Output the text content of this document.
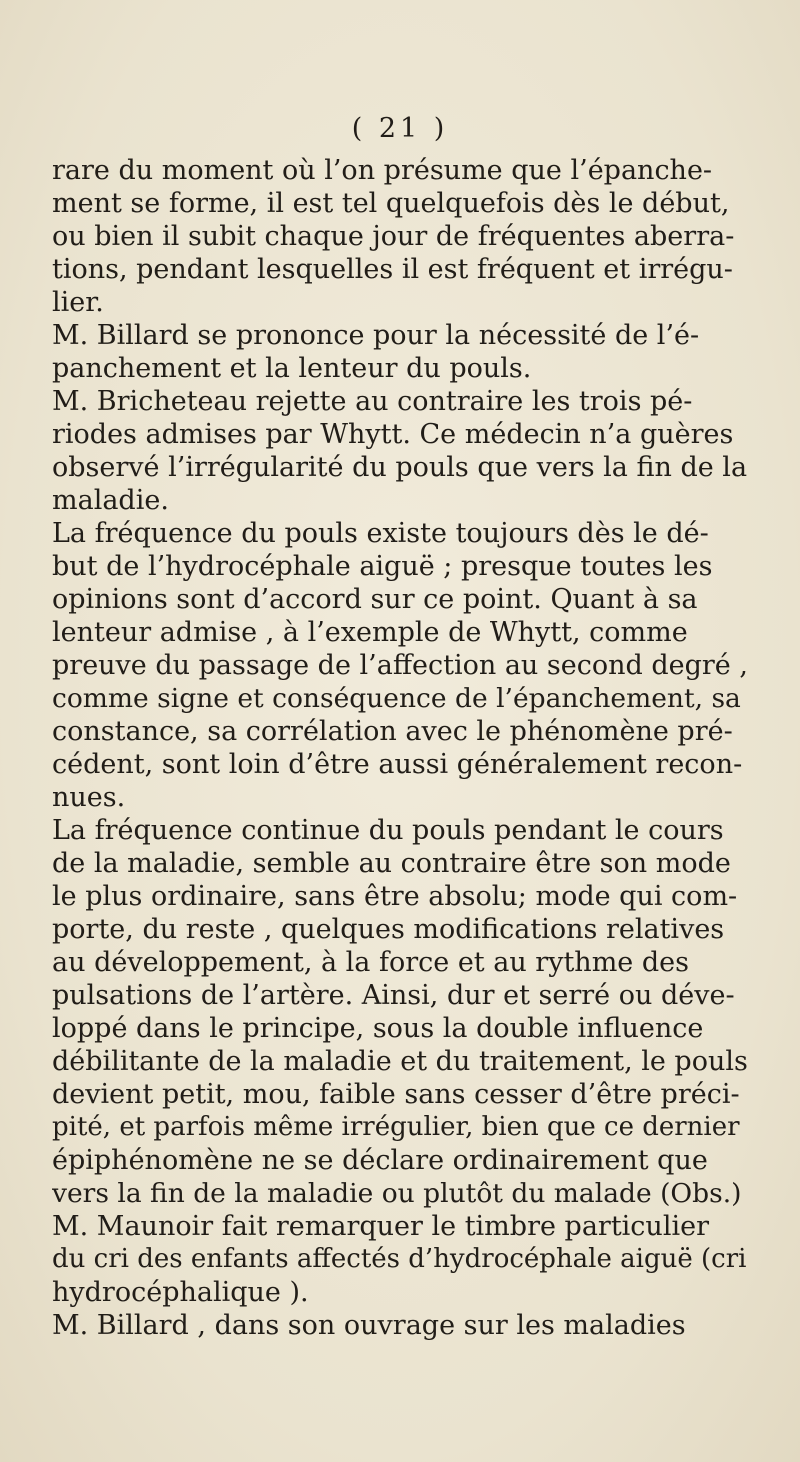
( 21 )
rare du moment où l’on présume que l’épanche-
ment se forme, il est tel quelquefois dès le début,
ou bien il subit chaque jour de fréquentes aberra-
tions, pendant lesquelles il est fréquent et irrégu-
lier.
M. Billard se prononce pour la nécessité de l’é-
panchement et la lenteur du pouls.
M. Bricheteau rejette au contraire les trois pé-
riodes admises par Whytt. Ce médecin n’a guères
observé l’irrégularité du pouls que vers la fin de la
maladie.
La fréquence du pouls existe toujours dès le dé-
but de l’hydrocéphale aiguë ; presque toutes les
opinions sont d’accord sur ce point. Quant à sa
lenteur admise , à l’exemple de Whytt, comme
preuve du passage de l’affection au second degré ,
comme signe et conséquence de l’épanchement, sa
constance, sa corrélation avec le phénomène pré-
cédent, sont loin d’être aussi généralement recon-
nues.
La fréquence continue du pouls pendant le cours
de la maladie, semble au contraire être son mode
le plus ordinaire, sans être absolu; mode qui com-
porte, du reste , quelques modifications relatives
au développement, à la force et au rythme des
pulsations de l’artère. Ainsi, dur et serré ou déve-
loppé dans le principe, sous la double influence
débilitante de la maladie et du traitement, le pouls
devient petit, mou, faible sans cesser d’être préci-
pité, et parfois même irrégulier, bien que ce dernier
épiphénomène ne se déclare ordinairement que
vers la fin de la maladie ou plutôt du malade (Obs.)
M. Maunoir fait remarquer le timbre particulier
du cri des enfants affectés d’hydrocéphale aiguë (cri
hydrocéphalique ).
M. Billard , dans son ouvrage sur les maladies
